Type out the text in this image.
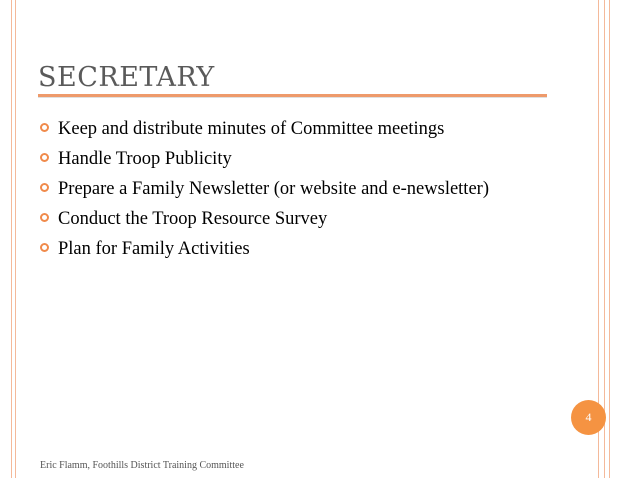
SECRETARY
Keep and distribute minutes of Committee meetings
Handle Troop Publicity
Prepare a Family Newsletter (or website and e-newsletter)
Conduct the Troop Resource Survey
Plan for Family Activities
4
Eric Flamm, Foothills District Training Committee
